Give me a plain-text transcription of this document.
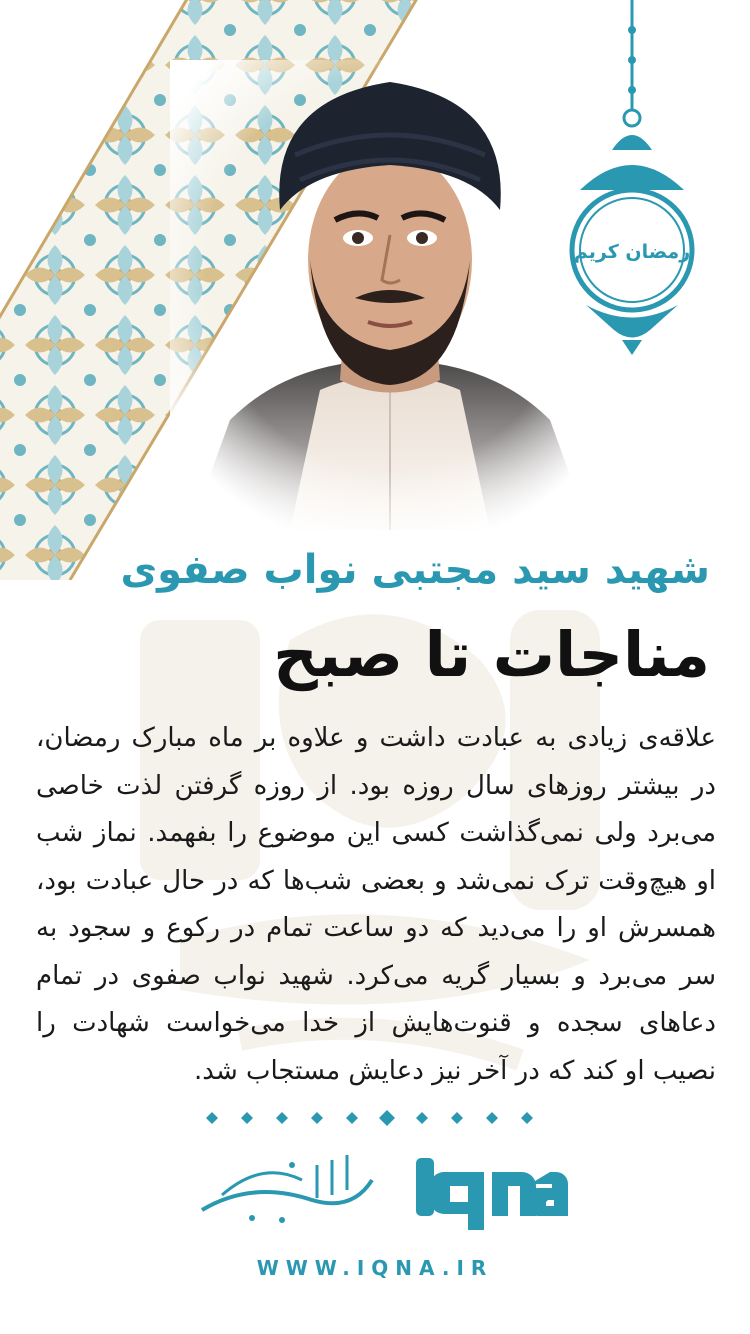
رمضان کریم
شهید سید مجتبی نواب صفوی
مناجات تا صبح

علاقه‌ی زیادی به عبادت داشت و علاوه بر ماه مبارک رمضان، در بیشتر روزهای سال روزه بود. از روزه گرفتن لذت خاصی می‌برد ولی نمی‌گذاشت کسی این موضوع را بفهمد. نماز شب او هیچ‌وقت ترک نمی‌شد و بعضی شب‌ها که در حال عبادت بود، همسرش او را می‌دید که دو ساعت تمام در رکوع و سجود به سر می‌برد و بسیار گریه می‌کرد. شهید نواب صفوی در تمام دعاهای سجده و قنوت‌هایش از خدا می‌خواست شهادت را نصیب او کند که در آخر نیز دعایش مستجاب شد.

WWW.IQNA.IR
